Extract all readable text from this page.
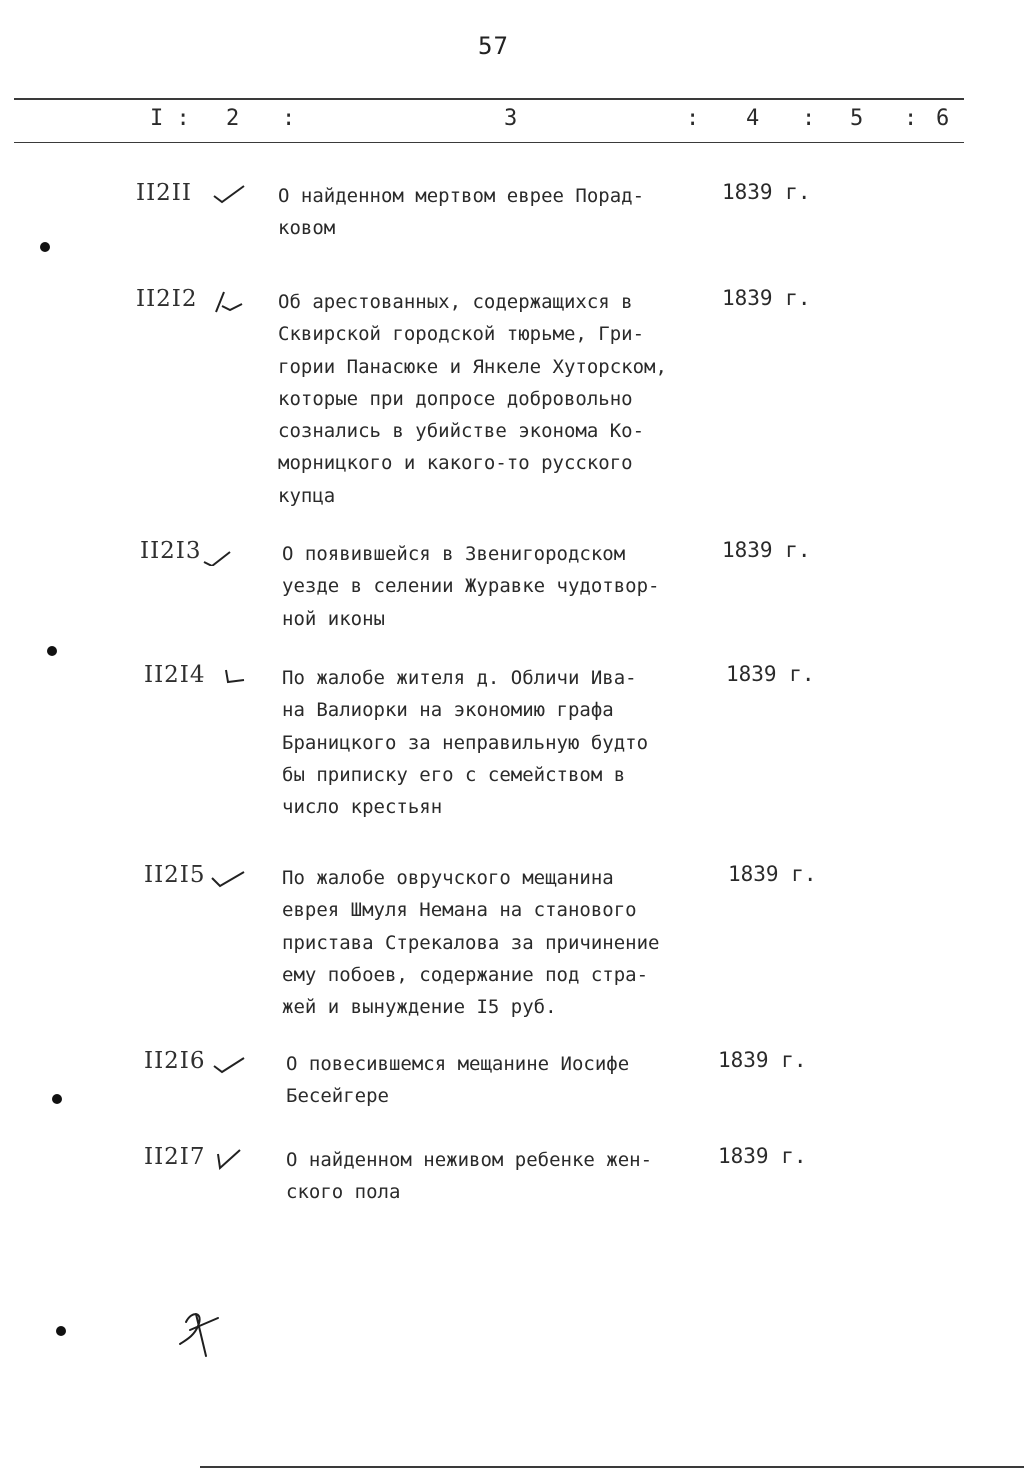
57
I : 2 :	3	: 4 : 5 : 6
II2II	О найденном мертвом еврее Порад-
ковом
1839 г.
II2I2	Об арестованных, содержащихся в
Сквирской городской тюрьме, Гри-
гории Панасюке и Янкеле Хуторском,
которые при допросе добровольно
сознались в убийстве эконома Ко-
морницкого и какого-то русского
купца
1839 г.
II2I3	О появившейся в Звенигородском
уезде в селении Журавке чудотвор-
ной иконы
1839 г.
II2I4	По жалобе жителя д. Обличи Ива-
на Валиорки на экономию графа
Браницкого за неправильную будто
бы приписку его с семейством в
число крестьян
1839 г.
II2I5	По жалобе овручского мещанина
еврея Шмуля Немана на станового
пристава Стрекалова за причинение
ему побоев, содержание под стра-
жей и вынуждение I5 руб.
1839 г.
II2I6	О повесившемся мещанине Иосифе
Бесейгере
1839 г.
II2I7	О найденном неживом ребенке жен-
ского пола
1839 г.
